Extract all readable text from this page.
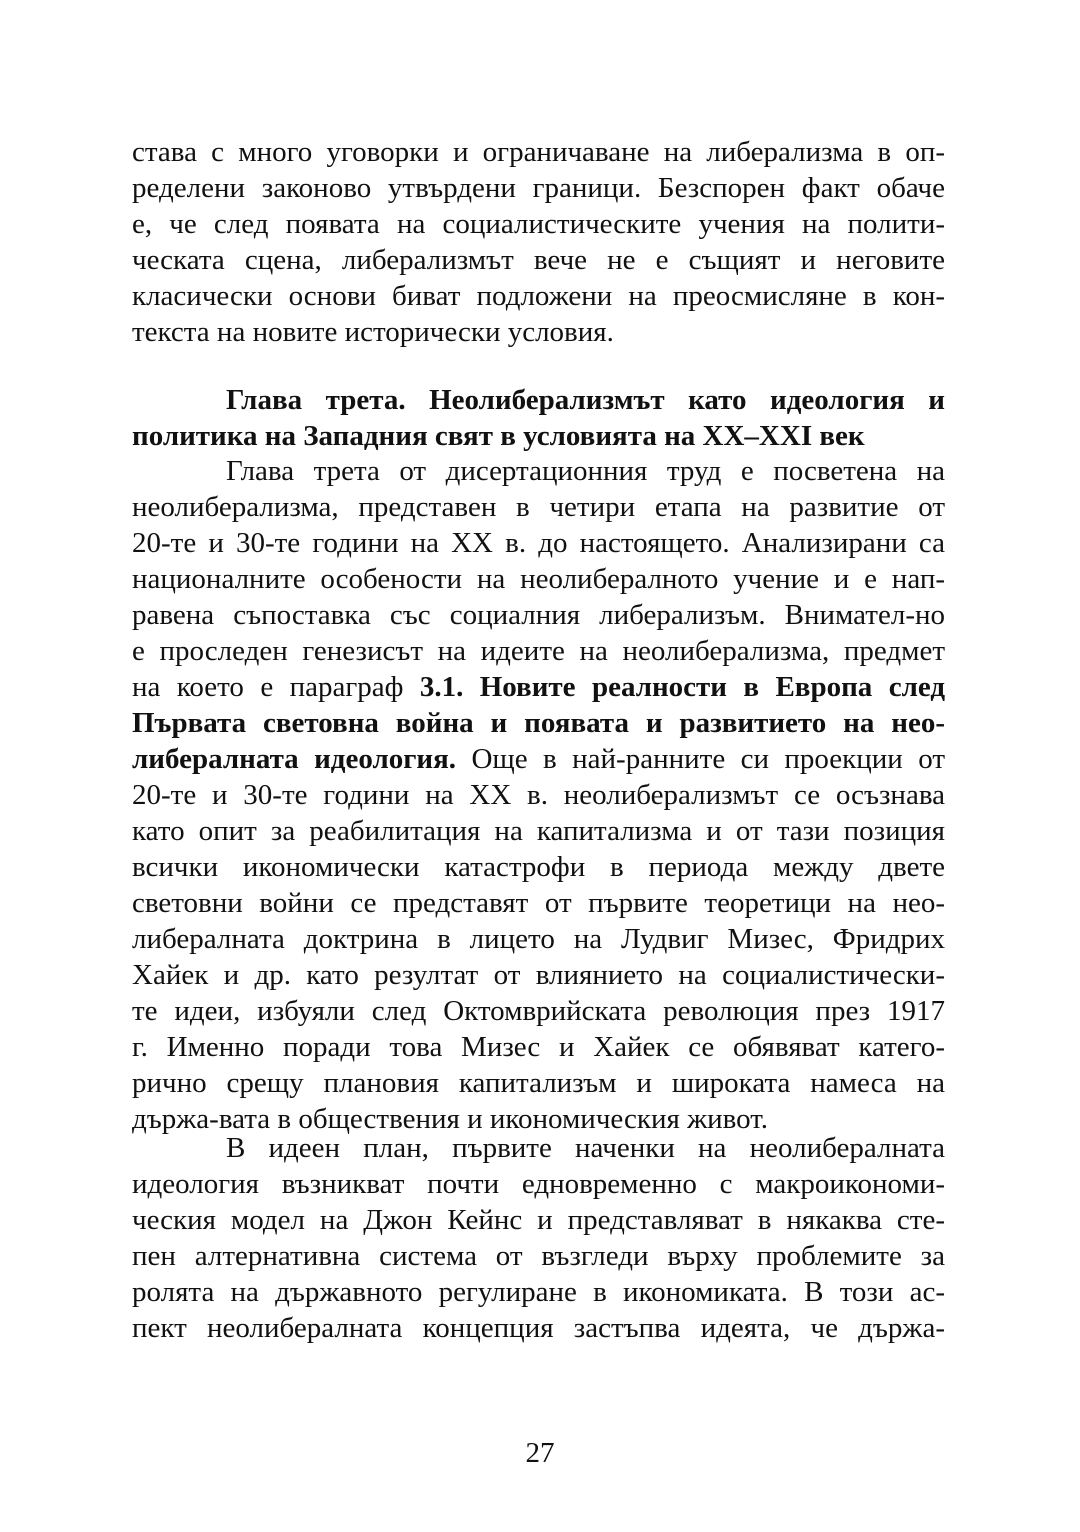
става с много уговорки и ограничаване на либерализма в оп-
ределени законово утвърдени граници. Безспорен факт обаче
е, че след появата на социалистическите учения на полити-
ческата сцена, либерализмът вече не е същият и неговите
класически основи биват подложени на преосмисляне в кон-
текста на новите исторически условия.
Глава трета. Неолиберализмът като идеология и
политика на Западния свят в условията на XX–XXI век
Глава трета от дисертационния труд е посветена на
неолиберализма, представен в четири етапа на развитие от
20-те и 30-те години на XX в. до настоящето. Анализирани са
националните особености на неолибералното учение и е нап-
равена съпоставка със социалния либерализъм. Внимател-но
е проследен генезисът на идеите на неолиберализма, предмет
на което е параграф 3.1. Новите реалности в Европа след
Първата световна война и появата и развитието на нео-
либералната идеология. Още в най-ранните си проекции от
20-те и 30-те години на XX в. неолиберализмът се осъзнава
като опит за реабилитация на капитализма и от тази позиция
всички икономически катастрофи в периода между двете
световни войни се представят от първите теоретици на нео-
либералната доктрина в лицето на Лудвиг Мизес, Фридрих
Хайек и др. като резултат от влиянието на социалистически-
те идеи, избуяли след Октомврийската революция през 1917
г. Именно поради това Мизес и Хайек се обявяват катего-
рично срещу плановия капитализъм и широката намеса на
държа-вата в обществения и икономическия живот.
В идеен план, първите наченки на неолибералната
идеология възникват почти едновременно с макроикономи-
ческия модел на Джон Кейнс и представляват в някаква сте-
пен алтернативна система от възгледи върху проблемите за
ролята на държавното регулиране в икономиката. В този ас-
пект неолибералната концепция застъпва идеята, че държа-
27
